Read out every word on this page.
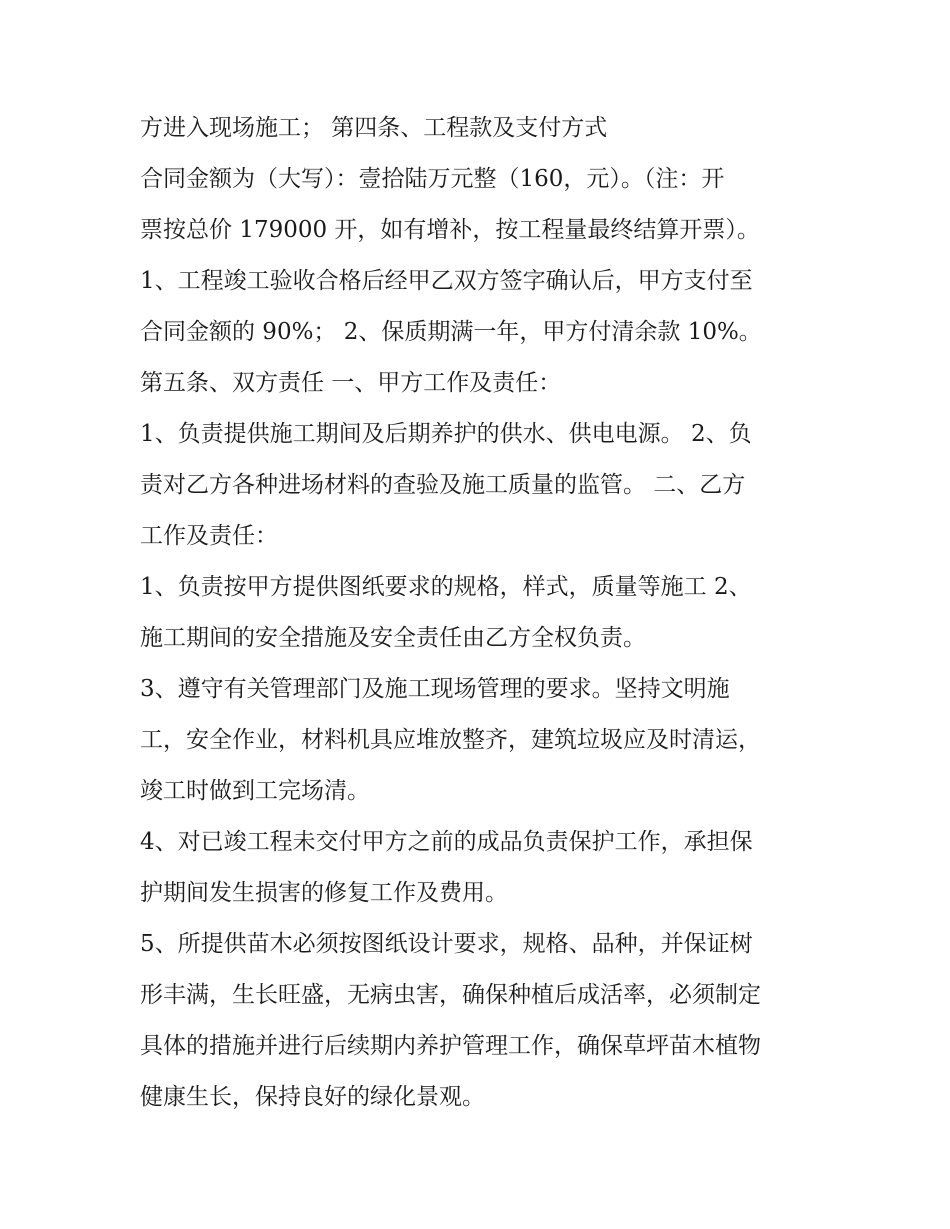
方进入现场施工； 第四条、工程款及支付方式
合同金额为（大写）：壹拾陆万元整（160，元）。（注：开
票按总价 179000 开，如有增补，按工程量最终结算开票）。
1、工程竣工验收合格后经甲乙双方签字确认后，甲方支付至
合同金额的 90%； 2、保质期满一年，甲方付清余款 10%。
第五条、双方责任 一、甲方工作及责任：
1、负责提供施工期间及后期养护的供水、供电电源。 2、负
责对乙方各种进场材料的查验及施工质量的监管。 二、乙方
工作及责任：
1、负责按甲方提供图纸要求的规格，样式，质量等施工 2、
施工期间的安全措施及安全责任由乙方全权负责。
3、遵守有关管理部门及施工现场管理的要求。坚持文明施
工，安全作业，材料机具应堆放整齐，建筑垃圾应及时清运，
竣工时做到工完场清。
4、对已竣工程未交付甲方之前的成品负责保护工作，承担保
护期间发生损害的修复工作及费用。
5、所提供苗木必须按图纸设计要求，规格、品种，并保证树
形丰满，生长旺盛，无病虫害，确保种植后成活率，必须制定
具体的措施并进行后续期内养护管理工作，确保草坪苗木植物
健康生长，保持良好的绿化景观。
